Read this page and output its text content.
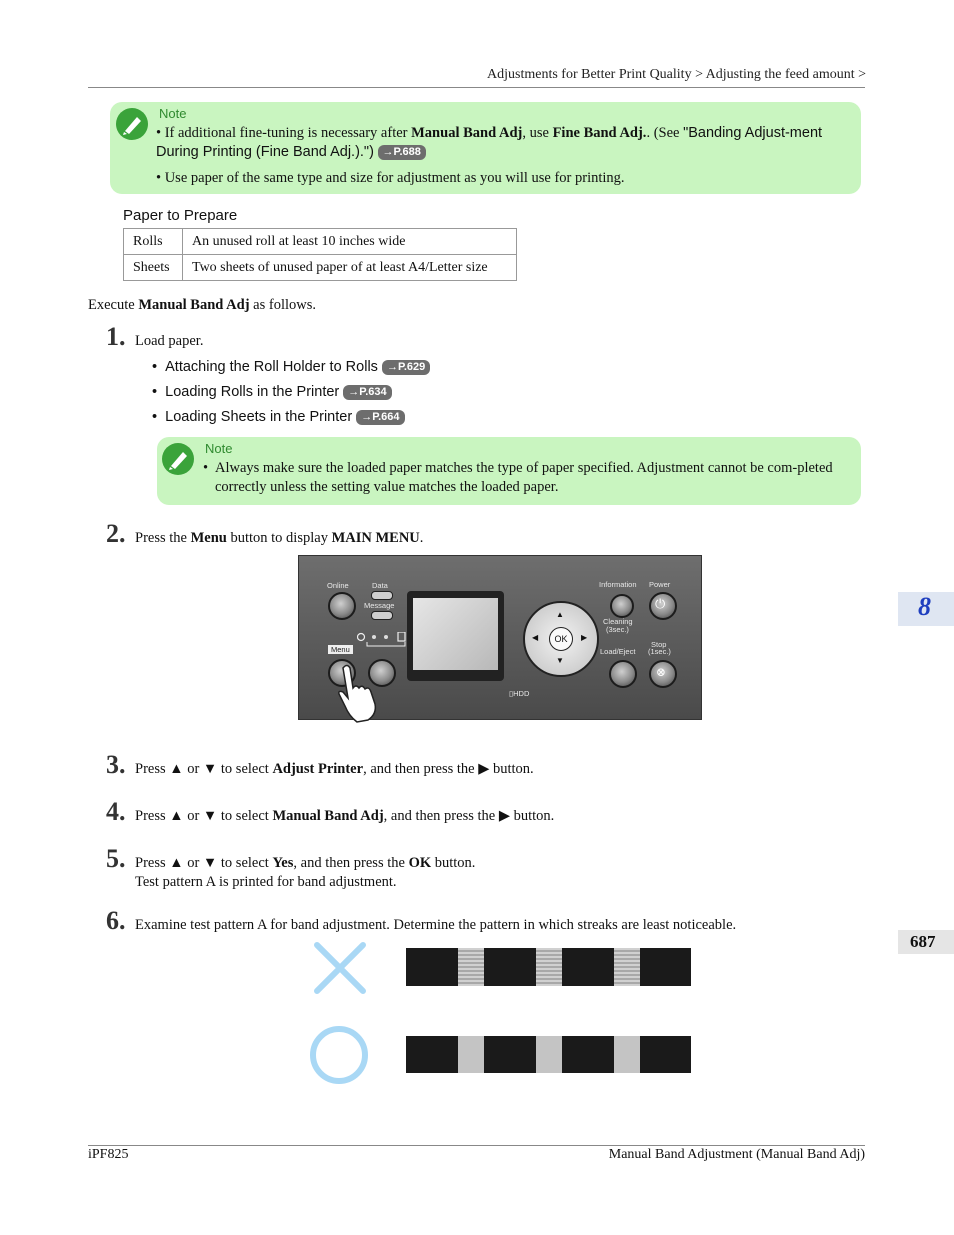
Adjustments for Better Print Quality > Adjusting the feed amount >
Note
• If additional fine-tuning is necessary after Manual Band Adj, use Fine Band Adj.. (See "Banding Adjust-ment During Printing (Fine Band Adj.).") →P.688
• Use paper of the same type and size for adjustment as you will use for printing.
Paper to Prepare
Rolls	An unused roll at least 10 inches wide
Sheets	Two sheets of unused paper of at least A4/Letter size
Execute Manual Band Adj as follows.
1. Load paper.
•  Attaching the Roll Holder to Rolls →P.629
•  Loading Rolls in the Printer →P.634
•  Loading Sheets in the Printer →P.664
Note
• Always make sure the loaded paper matches the type of paper specified. Adjustment cannot be com-pleted correctly unless the setting value matches the loaded paper.
2. Press the Menu button to display MAIN MENU.
Online	Data
Message
Menu
OK
▲
▼
◀	▶
▯HDD
Information Power
⏻
Cleaning
(3sec.)
Stop
(1sec.)
Load/Eject
⊗
3. Press ▲ or ▼ to select Adjust Printer, and then press the ▶ button.
4. Press ▲ or ▼ to select Manual Band Adj, and then press the ▶ button.
5. Press ▲ or ▼ to select Yes, and then press the OK button.
Test pattern A is printed for band adjustment.
6. Examine test pattern A for band adjustment. Determine the pattern in which streaks are least noticeable.
8
687
iPF825	Manual Band Adjustment (Manual Band Adj)
